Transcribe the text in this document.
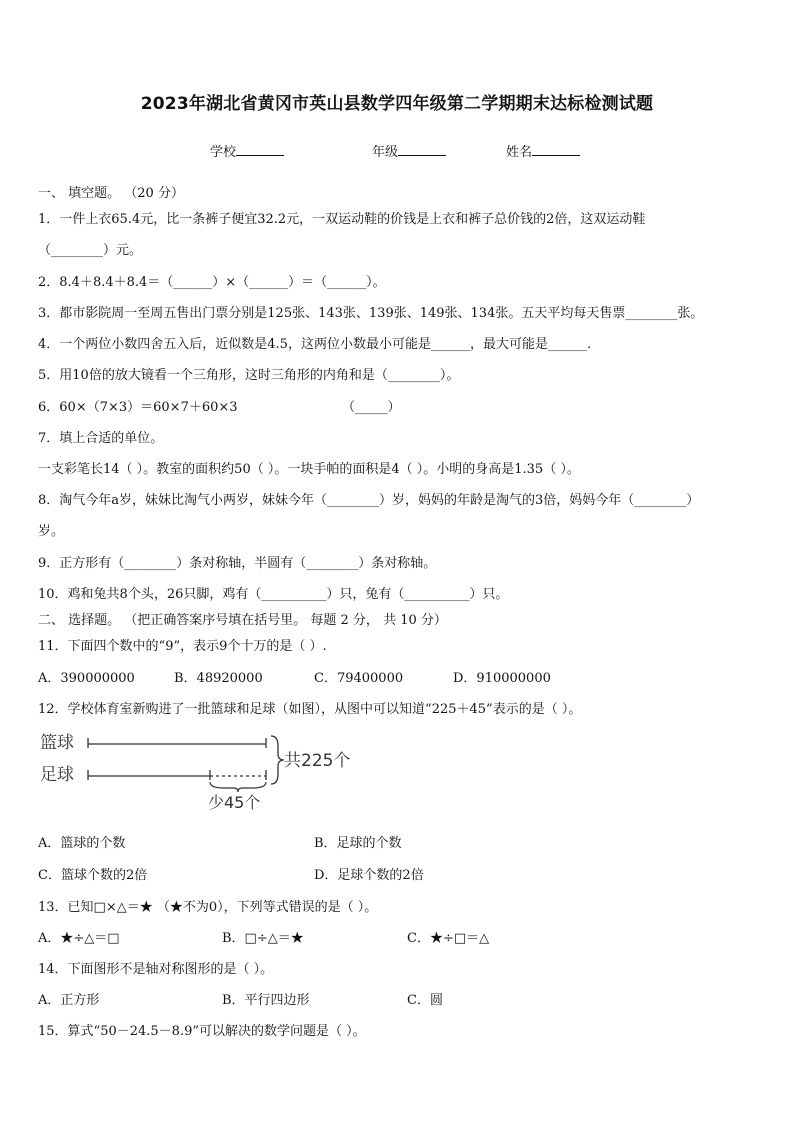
2023年湖北省黄冈市英山县数学四年级第二学期期末达标检测试题
学校	年级	姓名
一、 填空题。 （20 分）
1．一件上衣65.4元，比一条裤子便宜32.2元，一双运动鞋的价钱是上衣和裤子总价钱的2倍，这双运动鞋
（________）元。
2．8.4＋8.4＋8.4＝（______）×（______）＝（______）。
3．都市影院周一至周五售出门票分别是125张、143张、139张、149张、134张。五天平均每天售票________张。
4．一个两位小数四舍五入后，近似数是4.5，这两位小数最小可能是______，最大可能是______.
5．用10倍的放大镜看一个三角形，这时三角形的内角和是（________）。
6．60×（7×3）＝60×7＋60×3	（_____）
7．填上合适的单位。
一支彩笔长14（ ）。教室的面积约50（ ）。一块手帕的面积是4（ ）。小明的身高是1.35（ ）。
8．淘气今年a岁，妹妹比淘气小两岁，妹妹今年（________）岁，妈妈的年龄是淘气的3倍，妈妈今年（________）
岁。
9．正方形有（________）条对称轴，半圆有（________）条对称轴。
10．鸡和兔共8个头，26只脚，鸡有（__________）只，兔有（__________）只。
二、 选择题。 （把正确答案序号填在括号里。 每题 2 分， 共 10 分）
11．下面四个数中的“9”，表示9个十万的是（ ）.
A．390000000	B．48920000	C．79400000	D．910000000
12．学校体育室新购进了一批篮球和足球（如图），从图中可以知道“225＋45”表示的是（ ）。
篮球
足球
少45个
共225个
A．篮球的个数	B．足球的个数
C．篮球个数的2倍	D．足球个数的2倍
13．已知□×△＝★ （★不为0），下列等式错误的是（ ）。
A．★÷△＝□	B．□÷△＝★	C．★÷□＝△
14．下面图形不是轴对称图形的是（ ）。
A．正方形	B．平行四边形	C．圆
15．算式“50－24.5－8.9”可以解决的数学问题是（ ）。
